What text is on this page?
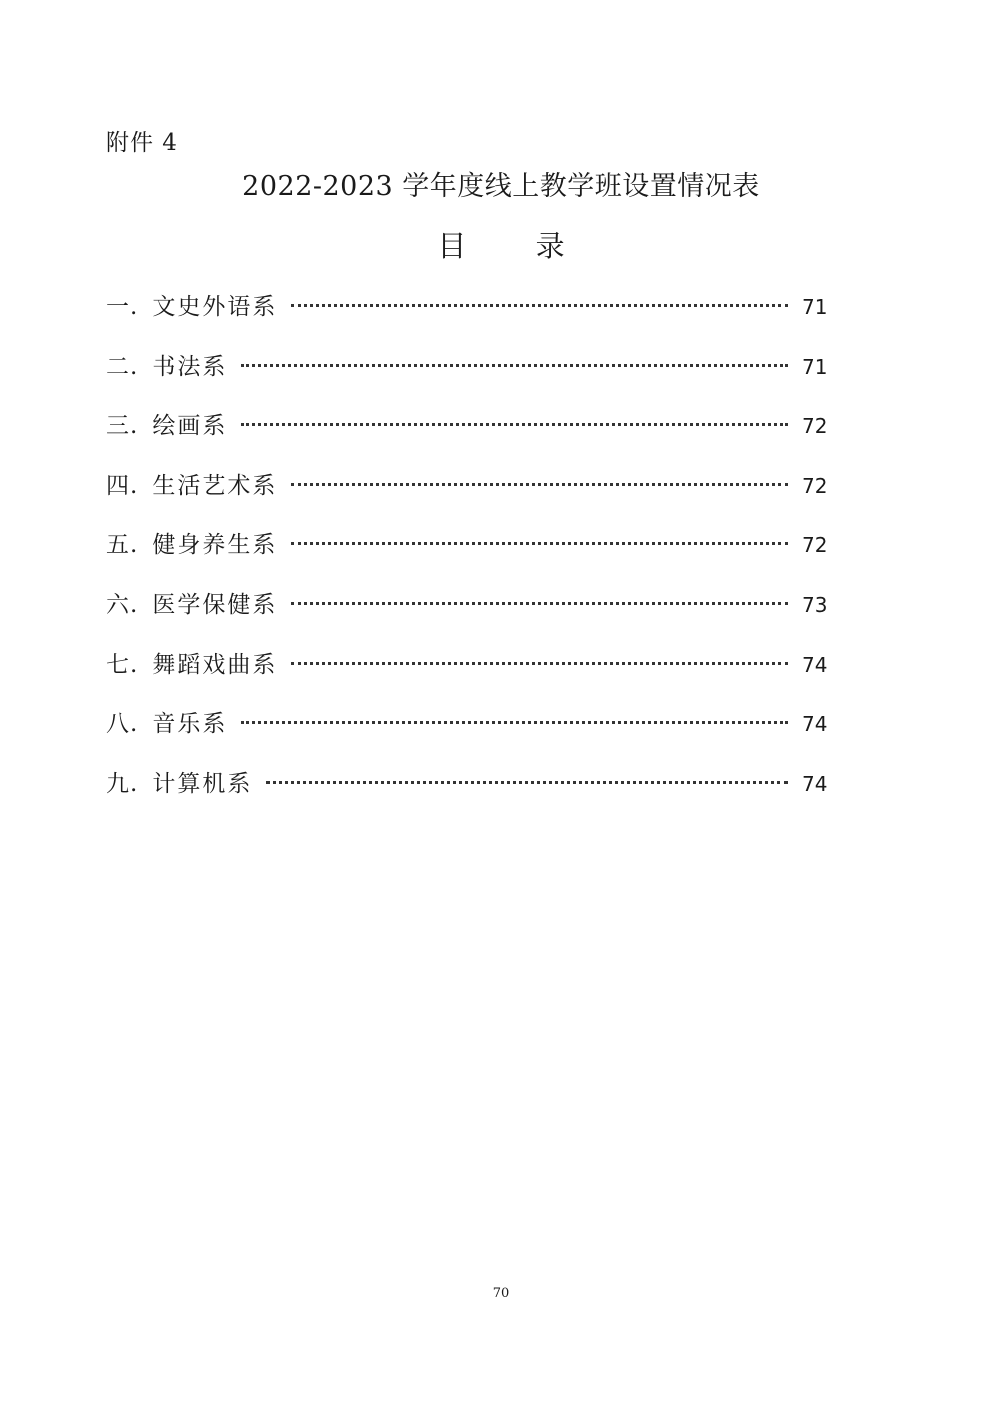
附件 4
2022-2023 学年度线上教学班设置情况表
目 录
一. 文史外语系	71
二. 书法系	71
三. 绘画系	72
四. 生活艺术系	72
五. 健身养生系	72
六. 医学保健系	73
七. 舞蹈戏曲系	74
八. 音乐系	74
九. 计算机系	74
70
